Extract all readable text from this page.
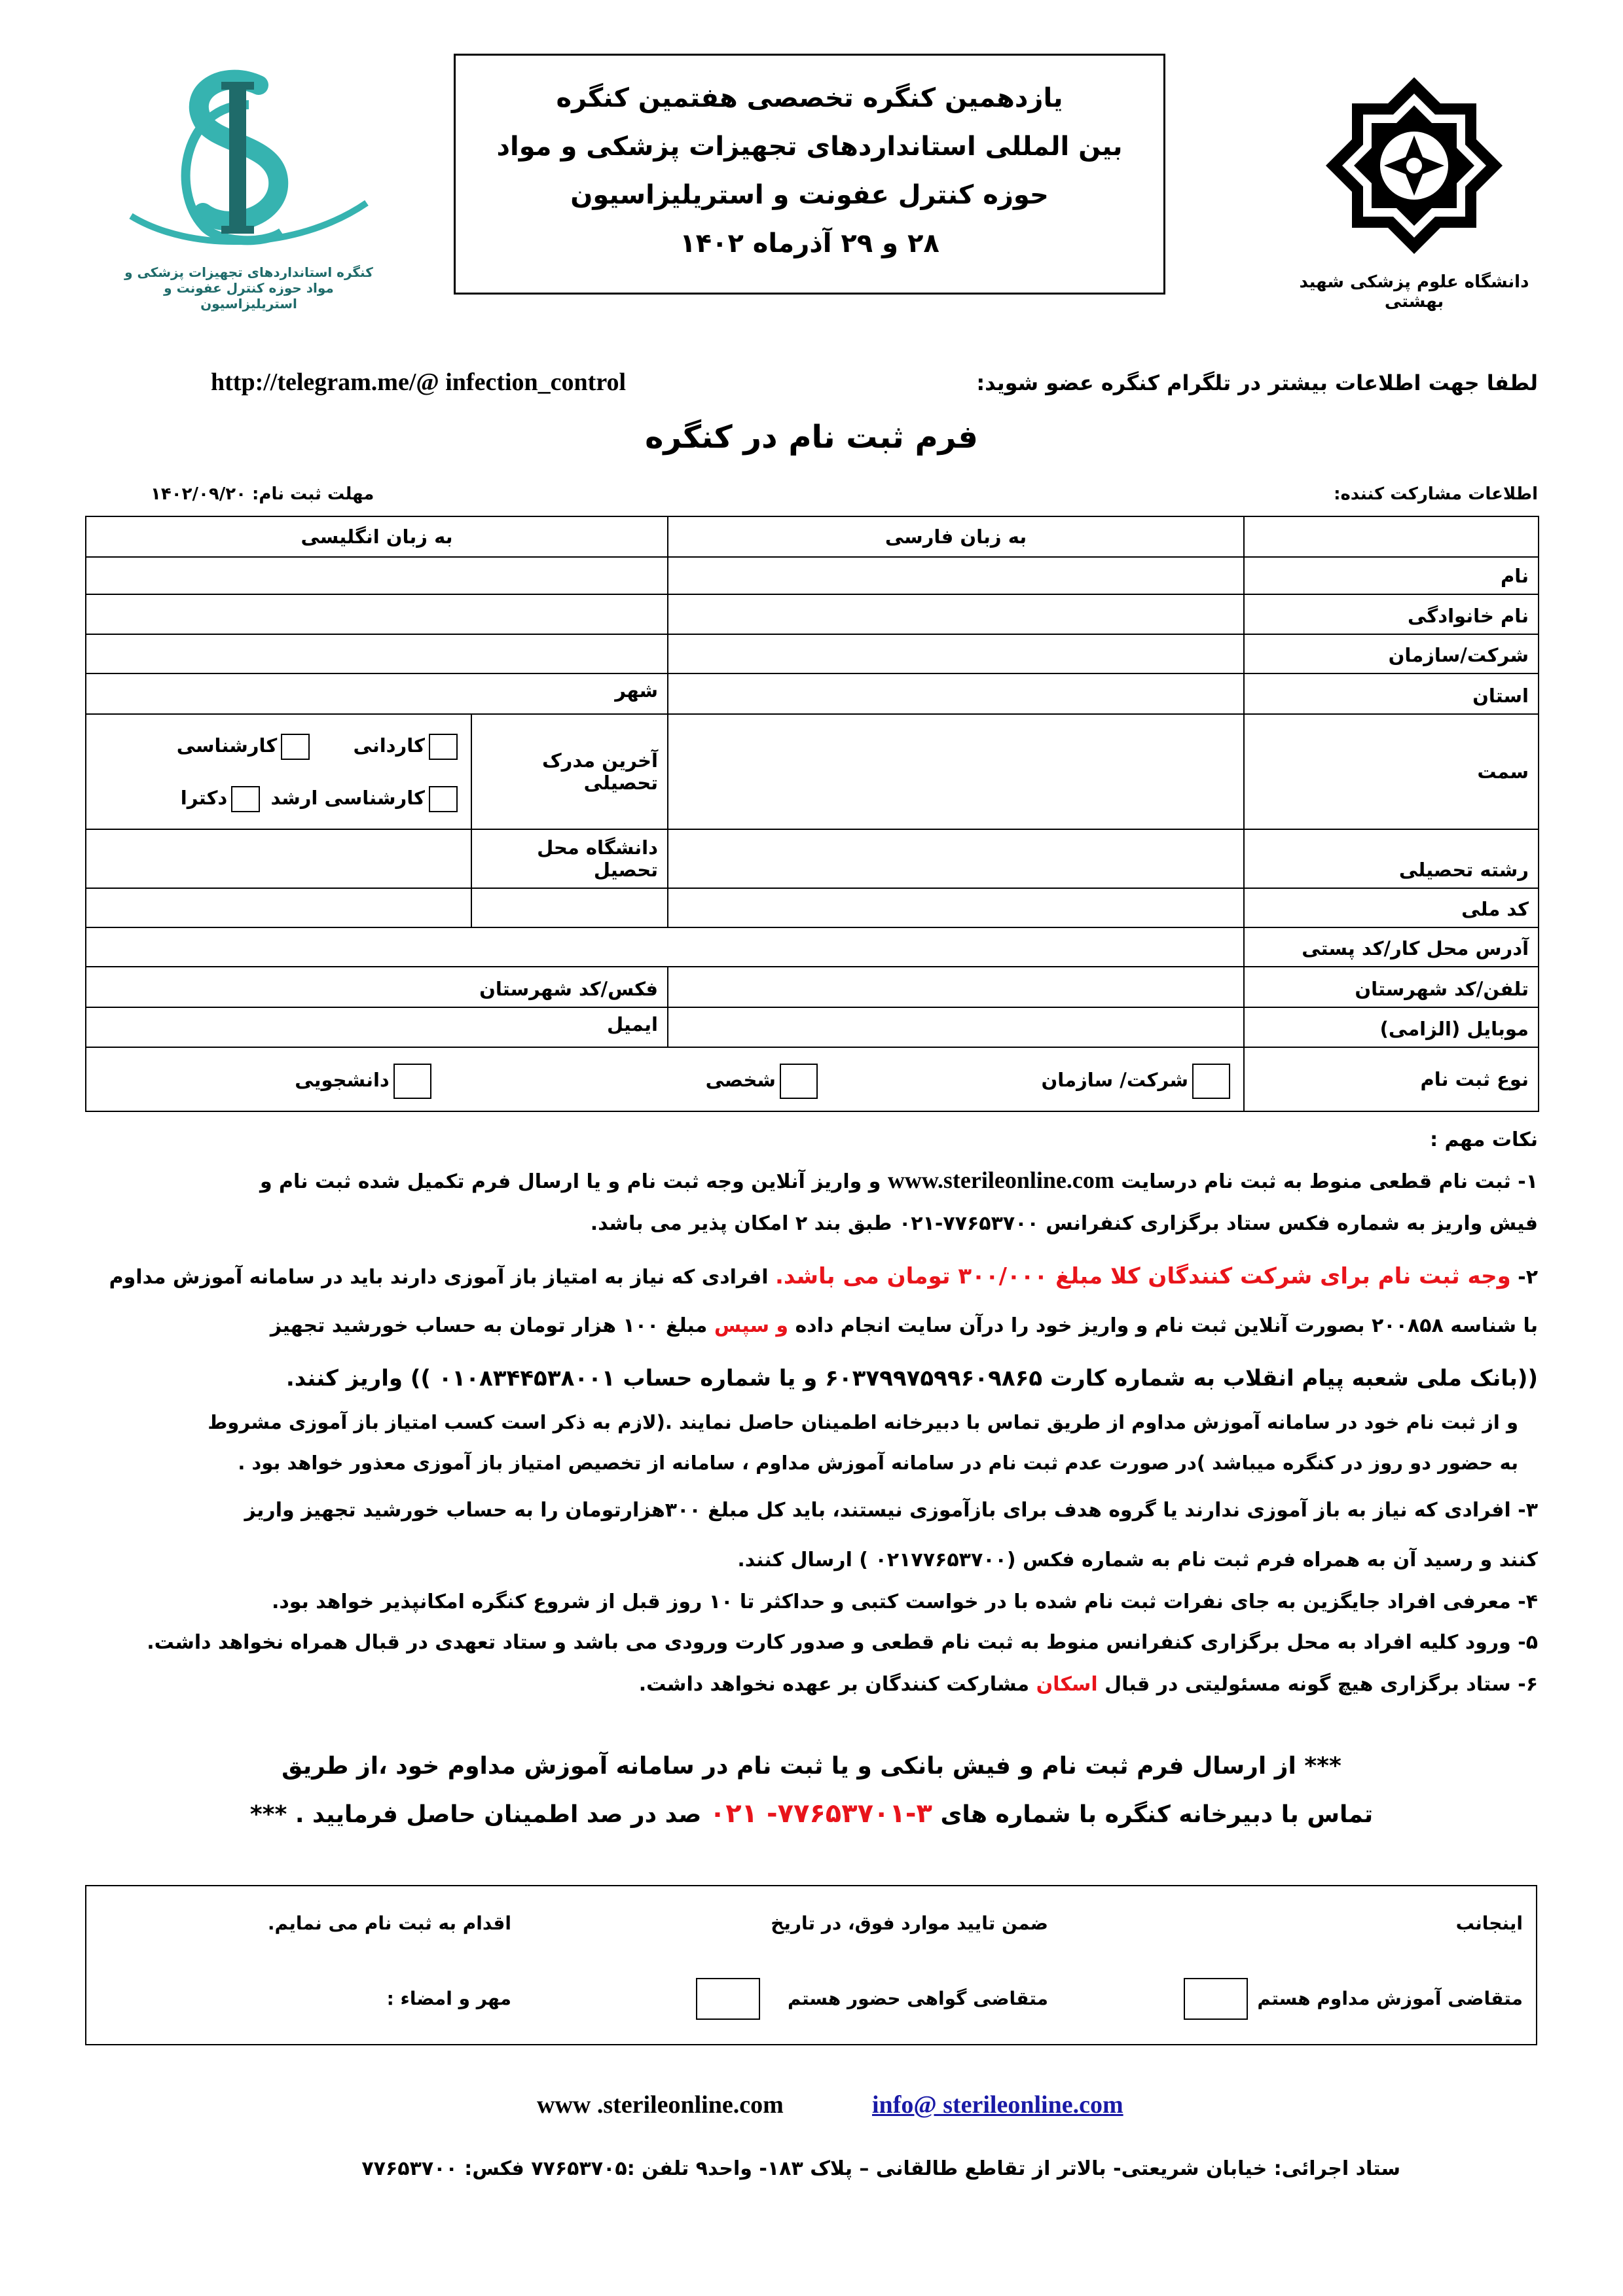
کنگره استانداردهای تجهیزات پزشکی و
مواد حوزه کنترل عفونت و استریلیزاسیون
یازدهمین کنگره تخصصی هفتمین کنگره
بین المللی استانداردهای تجهیزات پزشکی و مواد
حوزه کنترل عفونت و استریلیزاسیون
۲۸ و ۲۹ آذرماه ۱۴۰۲
دانشگاه علوم پزشکی شهید بهشتی
لطفا جهت اطلاعات بیشتر در تلگرام کنگره عضو شوید:
http://telegram.me/@ infection_control
فرم ثبت نام در کنگره
اطلاعات مشارکت کننده:
مهلت ثبت نام: ۱۴۰۲/۰۹/۲۰
	به زبان فارسی	به زبان انگلیسی	
نام			
نام خانوادگی			
شرکت/سازمان			
استان		شهر	
سمت		آخرین مدرک تحصیلی	کاردانی  کارشناسی
کارشناسی ارشد دکترا

رشته تحصیلی		دانشگاه محل تحصیل	
کد ملی			
آدرس محل کار/کد پستی			
تلفن/کد شهرستان		فکس/کد شهرستان	
موبایل (الزامی)		ایمیل	
نوع ثبت نام	شرکت/ سازمان شخصی دانشجویی		
نکات مهم :
۱- ثبت نام قطعی منوط به ثبت نام درسایت www.sterileonline.com و واریز آنلاین وجه ثبت نام و یا ارسال فرم تکمیل شده ثبت نام و
فیش واریز به شماره فکس ستاد برگزاری کنفرانس ۷۷۶۵۳۷۰۰-۰۲۱ طبق بند ۲ امکان پذیر می باشد.
۲- وجه ثبت نام برای شرکت کنندگان کلا مبلغ ۳۰۰/۰۰۰ تومان می باشد. افرادی که نیاز به امتیاز باز آموزی دارند باید در سامانه آموزش مداوم
با شناسه ۲۰۰۸۵۸ بصورت آنلاین ثبت نام و واریز خود را درآن سایت انجام داده و سپس مبلغ ۱۰۰ هزار تومان به حساب خورشید تجهیز
((بانک ملی شعبه پیام انقلاب به شماره کارت ۶۰۳۷۹۹۷۵۹۹۶۰۹۸۶۵ و یا شماره حساب ۰۱۰۸۳۴۴۵۳۸۰۰۱ )) واریز کنند.
و از ثبت نام خود در سامانه آموزش مداوم از طریق تماس با دبیرخانه اطمینان حاصل نمایند .(لازم به ذکر است کسب امتیاز باز آموزی مشروط
به حضور دو روز در کنگره میباشد )در صورت عدم ثبت نام در سامانه آموزش مداوم ، سامانه از تخصیص امتیاز باز آموزی معذور خواهد بود .
۳- افرادی که نیاز به باز آموزی ندارند یا گروه هدف برای بازآموزی نیستند، باید کل مبلغ ۳۰۰هزارتومان را به حساب خورشید تجهیز واریز
کنند و رسید آن به همراه فرم ثبت نام به شماره فکس (۰۲۱۷۷۶۵۳۷۰۰ ) ارسال کنند.
۴- معرفی افراد جایگزین به جای نفرات ثبت نام شده با در خواست کتبی و حداکثر تا ۱۰ روز قبل از شروع کنگره امکانپذیر خواهد بود.
۵- ورود کلیه افراد به محل برگزاری کنفرانس منوط به ثبت نام قطعی و صدور کارت ورودی می باشد و ستاد تعهدی در قبال همراه نخواهد داشت.
۶- ستاد برگزاری هیچ گونه مسئولیتی در قبال اسکان مشارکت کنندگان بر عهده نخواهد داشت.
*** از ارسال فرم ثبت نام و فیش بانکی و یا ثبت نام در سامانه آموزش مداوم خود ،از طریق
تماس با دبیرخانه کنگره با شماره های ۳-۷۷۶۵۳۷۰۱- ۰۲۱ صد در صد اطمینان حاصل فرمایید . ***
اینجانب
ضمن تایید موارد فوق، در تاریخ
اقدام به ثبت نام می نمایم.
متقاضی آموزش مداوم هستم
متقاضی گواهی حضور هستم
مهر و امضاء :
www .sterileonline.com	info@ sterileonline.com
ستاد اجرائی: خیابان شریعتی- بالاتر از تقاطع طالقانی – پلاک ۱۸۳- واحد۹ تلفن :۷۷۶۵۳۷۰۵ فکس: ۷۷۶۵۳۷۰۰
